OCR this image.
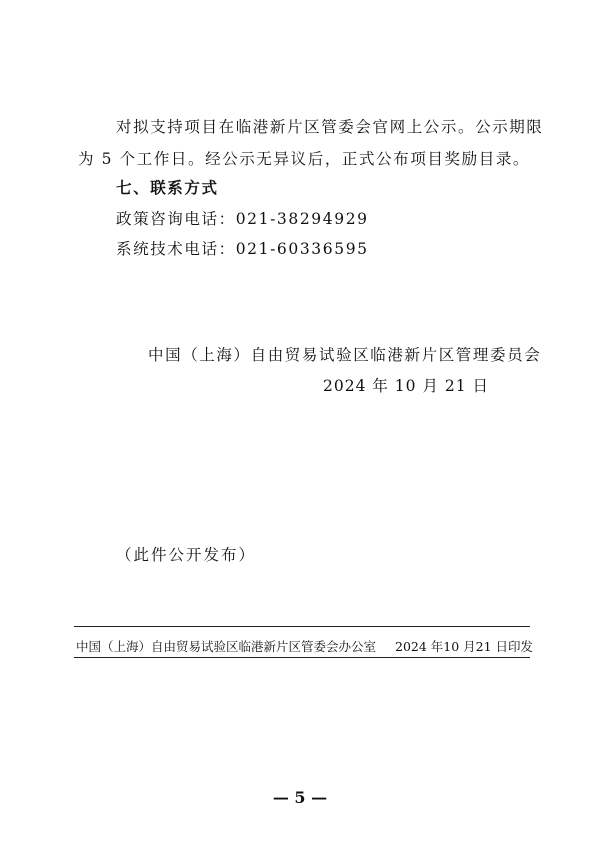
对拟支持项目在临港新片区管委会官网上公示。公示期限
为 5 个工作日。经公示无异议后，正式公布项目奖励目录。
七、联系方式
政策咨询电话：021-38294929
系统技术电话：021-60336595
中国（上海）自由贸易试验区临港新片区管理委员会
2024 年 10 月 21 日
（此件公开发布）
中国（上海）自由贸易试验区临港新片区管委会办公室 2024 年10 月21 日印发
— 5 —
